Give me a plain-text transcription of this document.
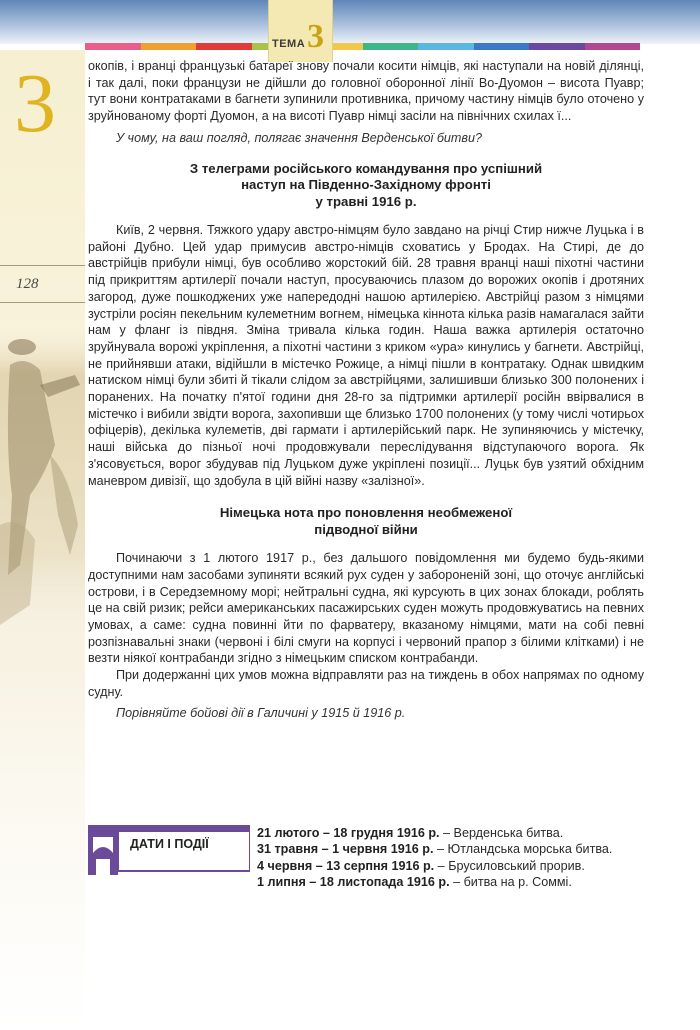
ТЕМА 3
3
128

окопів, і вранці французькі батареї знову почали косити німців, які наступали на новій ділянці, і так далі, поки французи не дійшли до головної оборонної лінії Во-Дуомон – висота Пуавр; тут вони контратаками в багнети зупинили противника, причому частину німців було оточено у зруйнованому форті Дуомон, а на висоті Пуавр німці засіли на північних схилах ї...

У чому, на ваш погляд, полягає значення Верденської битви?
З телеграми російського командування про успішний
наступ на Південно-Західному фронті
у травні 1916 р.

Київ, 2 червня. Тяжкого удару австро-німцям було завдано на річці Стир нижче Луцька і в районі Дубно. Цей удар примусив австро-німців сховатись у Бродах. На Стирі, де до австрійців прибули німці, був особливо жорстокий бій. 28 травня вранці наші піхотні частини під прикриттям артилерії почали наступ, просуваючись плазом до ворожих окопів і дротяних загород, дуже пошкоджених уже напередодні нашою артилерією. Австрійці разом з німцями зустріли росіян пекельним кулеметним вогнем, німецька кіннота кілька разів намагалася зайти нам у фланг із півдня. Зміна тривала кілька годин. Наша важка артилерія остаточно зруйнувала ворожі укріплення, а піхотні частини з криком «ура» кинулись у багнети. Австрійці, не прийнявши атаки, відійшли в містечко Рожице, а німці пішли в контратаку. Однак швидким натиском німці були збиті й тікали слідом за австрійцями, залишивши близько 300 полонених і поранених. На початку п'ятої години дня 28-го за підтримки артилерії російн ввірвалися в містечко і вибили звідти ворога, захопивши ще близько 1700 полонених (у тому числі чотирьох офіцерів), декілька кулеметів, дві гармати і артилерійський парк. Не зупиняючись у містечку, наші війська до пізньої ночі продовжували переслідування відступаючого ворога. Як з'ясовується, ворог збудував під Луцьком дуже укріплені позиції... Луцьк був узятий обхідним маневром дивізії, що здобула в цій війні назву «залізної».

Німецька нота про поновлення необмеженої
підводної війни

Починаючи з 1 лютого 1917 р., без дальшого повідомлення ми будемо будь-якими доступними нам засобами зупиняти всякий рух суден у забороненій зоні, що оточує англійські острови, і в Середземному морі; нейтральні судна, які курсують в цих зонах блокади, роблять це на свій ризик; рейси американських пасажирських суден можуть продовжуватись на певних умовах, а саме: судна повинні йти по фарватеру, вказаному німцями, мати на собі певні розпізнавальні знаки (червоні і білі смуги на корпусі і червоний прапор з білими клітками) і не везти ніякої контрабанди згідно з німецьким списком контрабанди.

При додержанні цих умов можна відправляти раз на тиждень в обох напрямах по одному судну.

Порівняйте бойові дії в Галичині у 1915 й 1916 р.
ДАТИ І ПОДІЇ
21 лютого – 18 грудня 1916 р. – Верденська битва.
31 травня – 1 червня 1916 р. – Ютландська морська битва.
4 червня – 13 серпня 1916 р. – Брусиловський прорив.
1 липня – 18 листопада 1916 р. – битва на р. Соммі.
